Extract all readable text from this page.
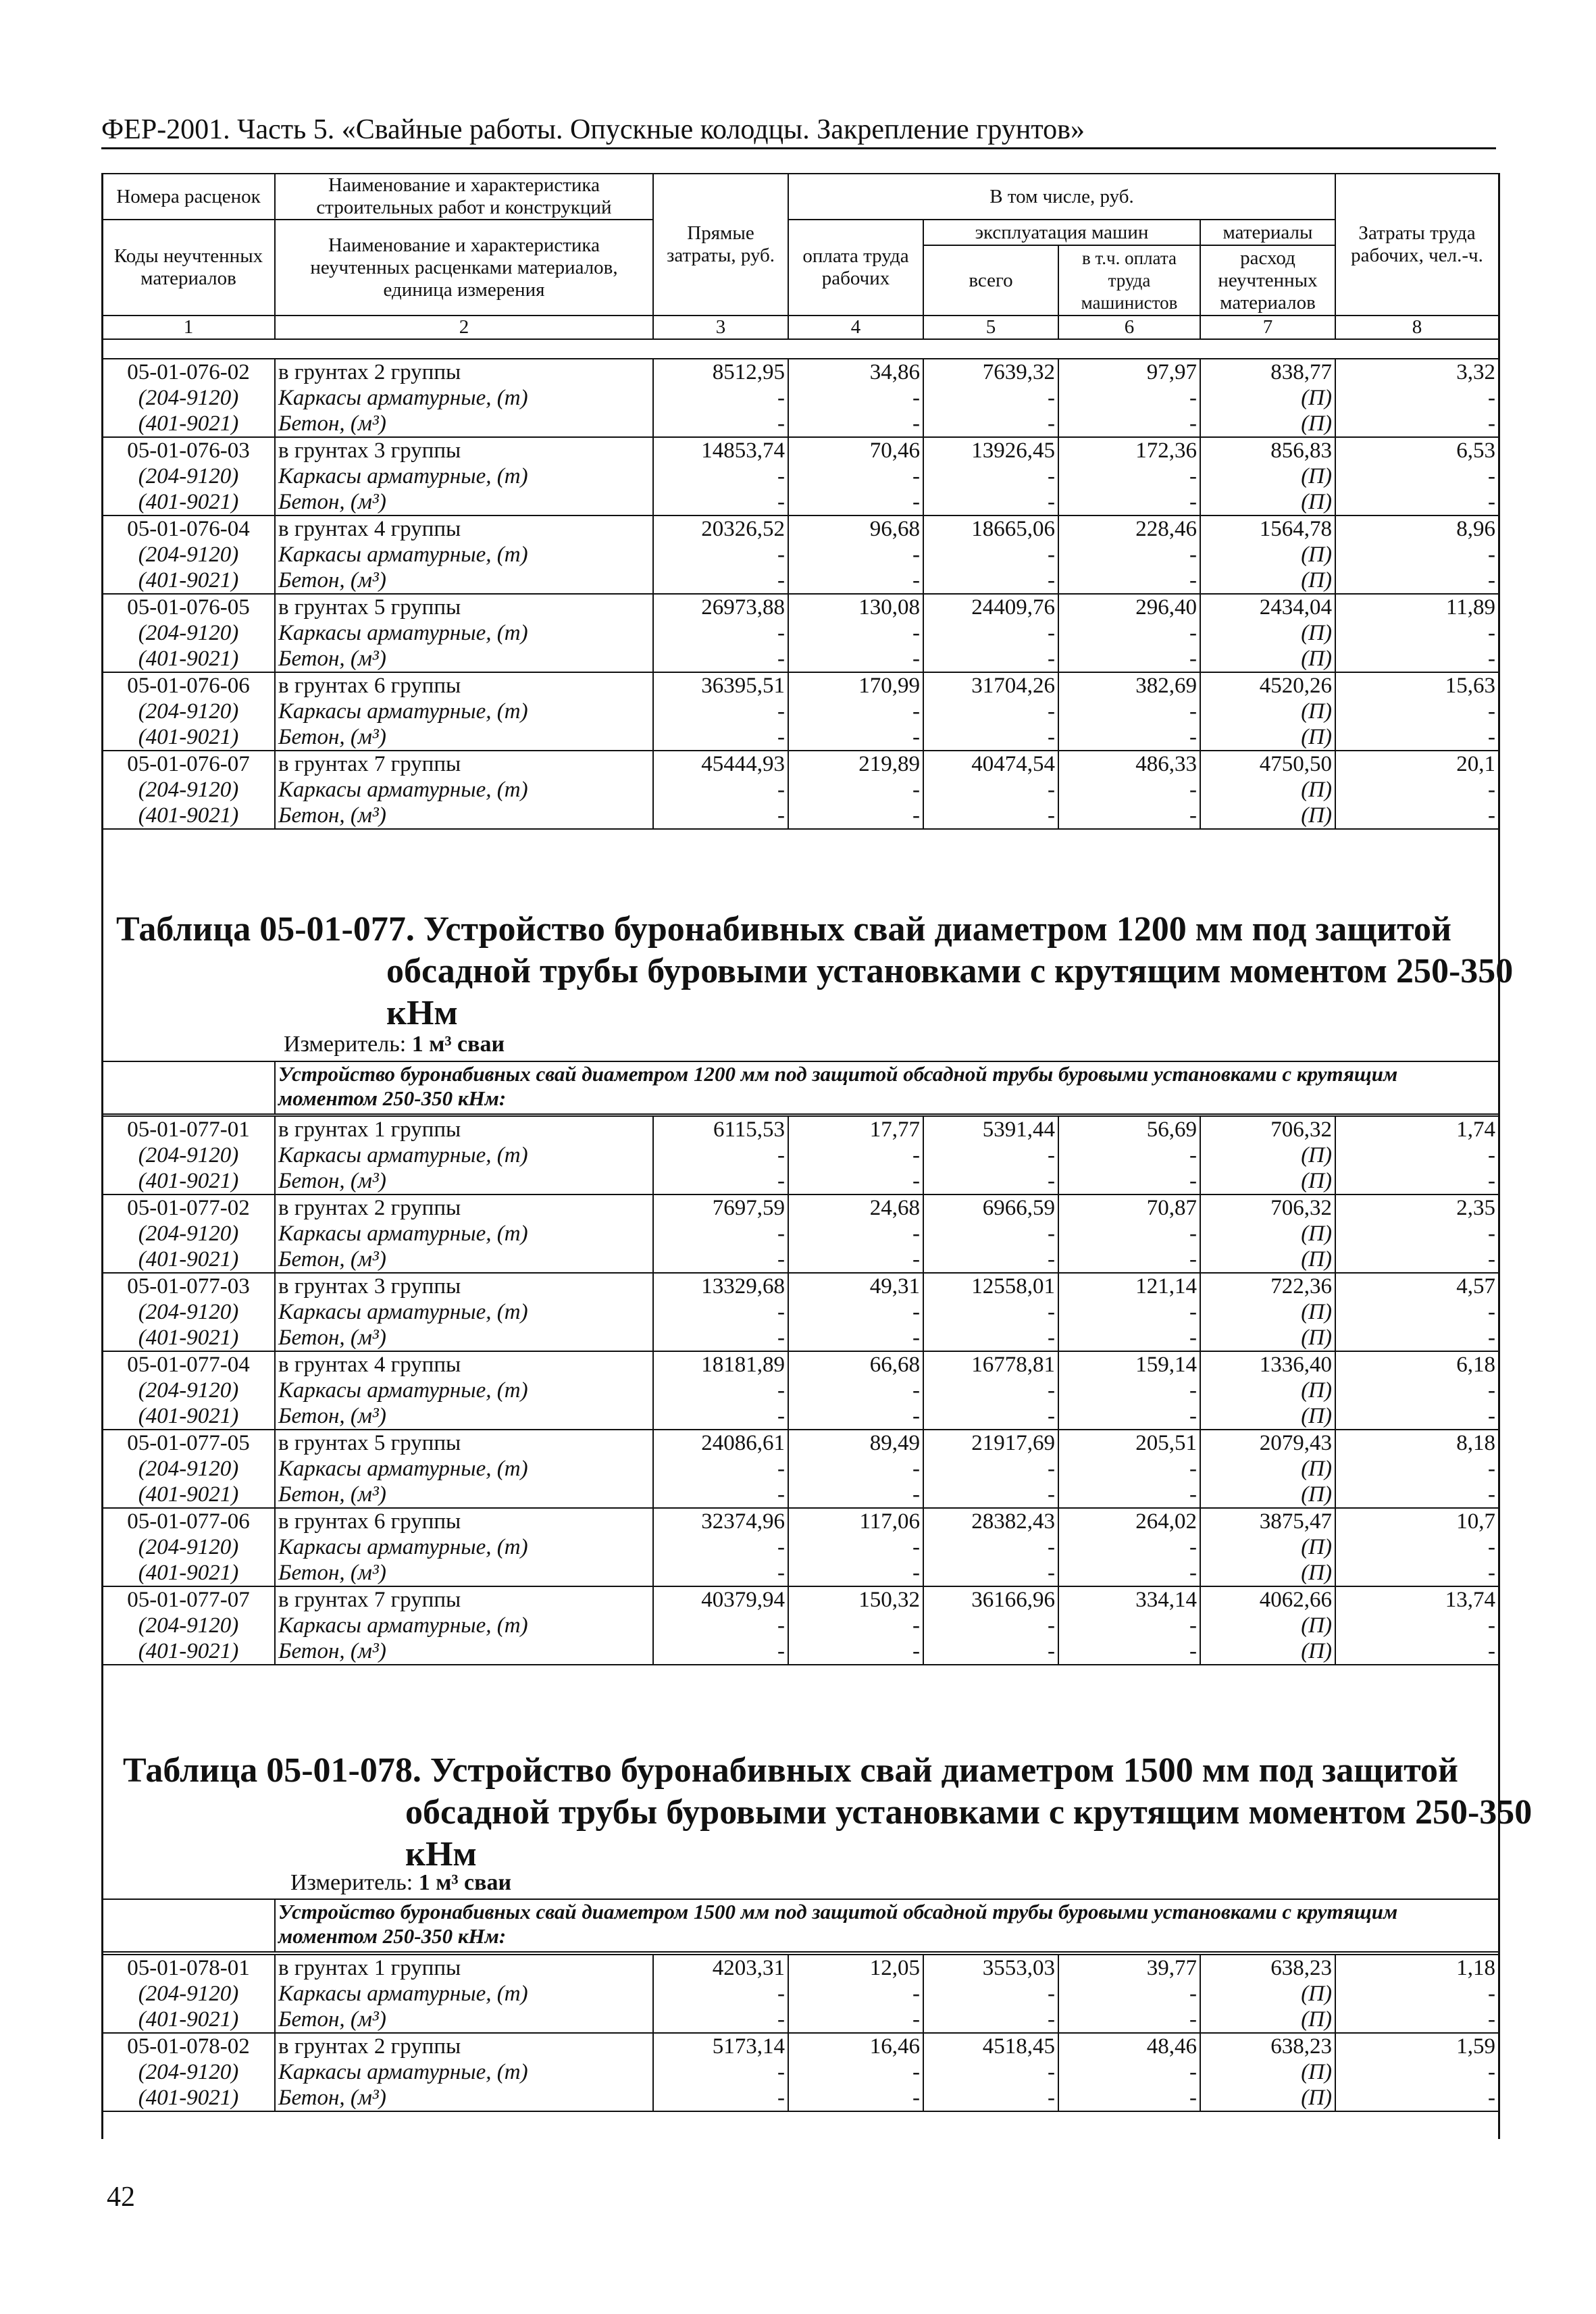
ФЕР-2001. Часть 5. «Свайные работы. Опускные колодцы. Закрепление грунтов»
Номера расценок	Наименование и характеристика строительных работ и конструкций	Прямые затраты, руб.	В том числе, руб.				Затраты труда рабочих, чел.-ч.
Коды неучтенных материалов	Наименование и характеристика неучтенных расценками материалов, единица измерения		оплата труда рабочих	эксплуатация машин		материалы	
				всего	в т.ч. оплата труда машинистов	расход неучтенных материалов	
1	2	3	4	5	6	7	8
05-01-076-02	в грунтах 2 группы	8512,95	34,86	7639,32	97,97	838,77	3,32
(204-9120)	Каркасы арматурные, (т)	-	-	-	-	(П)	-
(401-9021)	Бетон, (м³)	-	-	-	-	(П)	-
05-01-076-03	в грунтах 3 группы	14853,74	70,46	13926,45	172,36	856,83	6,53
(204-9120)	Каркасы арматурные, (т)	-	-	-	-	(П)	-
(401-9021)	Бетон, (м³)	-	-	-	-	(П)	-
05-01-076-04	в грунтах 4 группы	20326,52	96,68	18665,06	228,46	1564,78	8,96
(204-9120)	Каркасы арматурные, (т)	-	-	-	-	(П)	-
(401-9021)	Бетон, (м³)	-	-	-	-	(П)	-
05-01-076-05	в грунтах 5 группы	26973,88	130,08	24409,76	296,40	2434,04	11,89
(204-9120)	Каркасы арматурные, (т)	-	-	-	-	(П)	-
(401-9021)	Бетон, (м³)	-	-	-	-	(П)	-
05-01-076-06	в грунтах 6 группы	36395,51	170,99	31704,26	382,69	4520,26	15,63
(204-9120)	Каркасы арматурные, (т)	-	-	-	-	(П)	-
(401-9021)	Бетон, (м³)	-	-	-	-	(П)	-
05-01-076-07	в грунтах 7 группы	45444,93	219,89	40474,54	486,33	4750,50	20,1
(204-9120)	Каркасы арматурные, (т)	-	-	-	-	(П)	-
(401-9021)	Бетон, (м³)	-	-	-	-	(П)	-
Таблица 05-01-077. Устройство буронабивных свай диаметром 1200 мм под защитой
обсадной трубы буровыми установками с крутящим моментом 250-350
кНм
Измеритель: 1 м³ сваи
	Устройство буронабивных свай диаметром 1200 мм под защитой обсадной трубы буровыми установками с крутящим моментом 250-350 кНм:
05-01-077-01	в грунтах 1 группы	6115,53	17,77	5391,44	56,69	706,32	1,74
(204-9120)	Каркасы арматурные, (т)	-	-	-	-	(П)	-
(401-9021)	Бетон, (м³)	-	-	-	-	(П)	-
05-01-077-02	в грунтах 2 группы	7697,59	24,68	6966,59	70,87	706,32	2,35
(204-9120)	Каркасы арматурные, (т)	-	-	-	-	(П)	-
(401-9021)	Бетон, (м³)	-	-	-	-	(П)	-
05-01-077-03	в грунтах 3 группы	13329,68	49,31	12558,01	121,14	722,36	4,57
(204-9120)	Каркасы арматурные, (т)	-	-	-	-	(П)	-
(401-9021)	Бетон, (м³)	-	-	-	-	(П)	-
05-01-077-04	в грунтах 4 группы	18181,89	66,68	16778,81	159,14	1336,40	6,18
(204-9120)	Каркасы арматурные, (т)	-	-	-	-	(П)	-
(401-9021)	Бетон, (м³)	-	-	-	-	(П)	-
05-01-077-05	в грунтах 5 группы	24086,61	89,49	21917,69	205,51	2079,43	8,18
(204-9120)	Каркасы арматурные, (т)	-	-	-	-	(П)	-
(401-9021)	Бетон, (м³)	-	-	-	-	(П)	-
05-01-077-06	в грунтах 6 группы	32374,96	117,06	28382,43	264,02	3875,47	10,7
(204-9120)	Каркасы арматурные, (т)	-	-	-	-	(П)	-
(401-9021)	Бетон, (м³)	-	-	-	-	(П)	-
05-01-077-07	в грунтах 7 группы	40379,94	150,32	36166,96	334,14	4062,66	13,74
(204-9120)	Каркасы арматурные, (т)	-	-	-	-	(П)	-
(401-9021)	Бетон, (м³)	-	-	-	-	(П)	-
Таблица 05-01-078. Устройство буронабивных свай диаметром 1500 мм под защитой
обсадной трубы буровыми установками с крутящим моментом 250-350
кНм
Измеритель: 1 м³ сваи
	Устройство буронабивных свай диаметром 1500 мм под защитой обсадной трубы буровыми установками с крутящим моментом 250-350 кНм:
05-01-078-01	в грунтах 1 группы	4203,31	12,05	3553,03	39,77	638,23	1,18
(204-9120)	Каркасы арматурные, (т)	-	-	-	-	(П)	-
(401-9021)	Бетон, (м³)	-	-	-	-	(П)	-
05-01-078-02	в грунтах 2 группы	5173,14	16,46	4518,45	48,46	638,23	1,59
(204-9120)	Каркасы арматурные, (т)	-	-	-	-	(П)	-
(401-9021)	Бетон, (м³)	-	-	-	-	(П)	-
42
